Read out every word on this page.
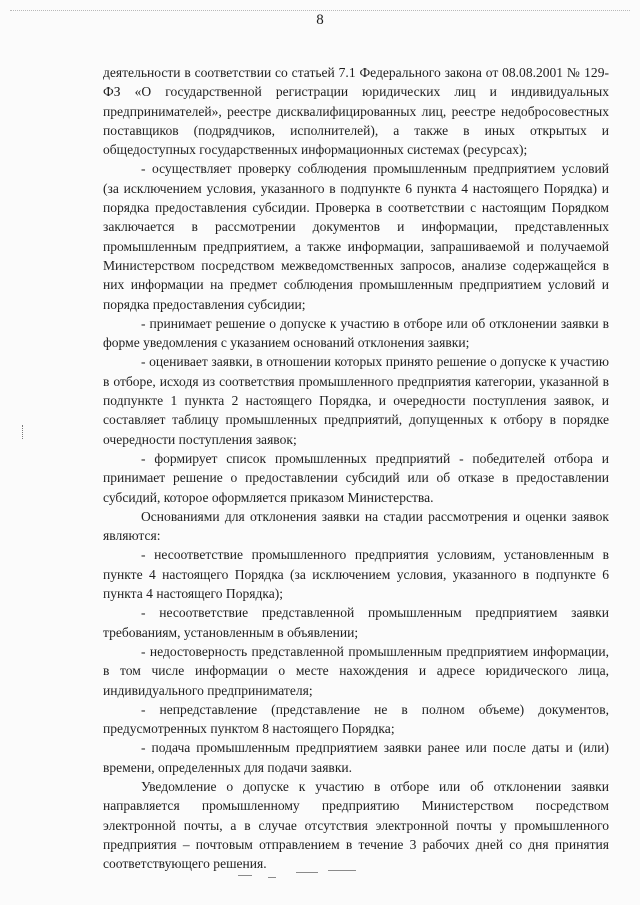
8

деятельности в соответствии со статьей 7.1 Федерального закона от 08.08.2001 № 129-ФЗ «О государственной регистрации юридических лиц и индивидуальных предпринимателей», реестре дисквалифицированных лиц, реестре недобросовестных поставщиков (подрядчиков, исполнителей), а также в иных открытых и общедоступных государственных информационных системах (ресурсах);

- осуществляет проверку соблюдения промышленным предприятием условий (за исключением условия, указанного в подпункте 6 пункта 4 настоящего Порядка) и порядка предоставления субсидии. Проверка в соответствии с настоящим Порядком заключается в рассмотрении документов и информации, представленных промышленным предприятием, а также информации, запрашиваемой и получаемой Министерством посредством межведомственных запросов, анализе содержащейся в них информации на предмет соблюдения промышленным предприятием условий и порядка предоставления субсидии;

- принимает решение о допуске к участию в отборе или об отклонении заявки в форме уведомления с указанием оснований отклонения заявки;

- оценивает заявки, в отношении которых принято решение о допуске к участию в отборе, исходя из соответствия промышленного предприятия категории, указанной в подпункте 1 пункта 2 настоящего Порядка, и очередности поступления заявок, и составляет таблицу промышленных предприятий, допущенных к отбору в порядке очередности поступления заявок;

- формирует список промышленных предприятий - победителей отбора и принимает решение о предоставлении субсидий или об отказе в предоставлении субсидий, которое оформляется приказом Министерства.

Основаниями для отклонения заявки на стадии рассмотрения и оценки заявок являются:

- несоответствие промышленного предприятия условиям, установленным в пункте 4 настоящего Порядка (за исключением условия, указанного в подпункте 6 пункта 4 настоящего Порядка);

- несоответствие представленной промышленным предприятием заявки требованиям, установленным в объявлении;

- недостоверность представленной промышленным предприятием информации, в том числе информации о месте нахождения и адресе юридического лица, индивидуального предпринимателя;

- непредставление (представление не в полном объеме) документов, предусмотренных пунктом 8 настоящего Порядка;

- подача промышленным предприятием заявки ранее или после даты и (или) времени, определенных для подачи заявки.

Уведомление о допуске к участию в отборе или об отклонении заявки направляется промышленному предприятию Министерством посредством электронной почты, а в случае отсутствия электронной почты у промышленного предприятия – почтовым отправлением в течение 3 рабочих дней со дня принятия соответствующего решения.
